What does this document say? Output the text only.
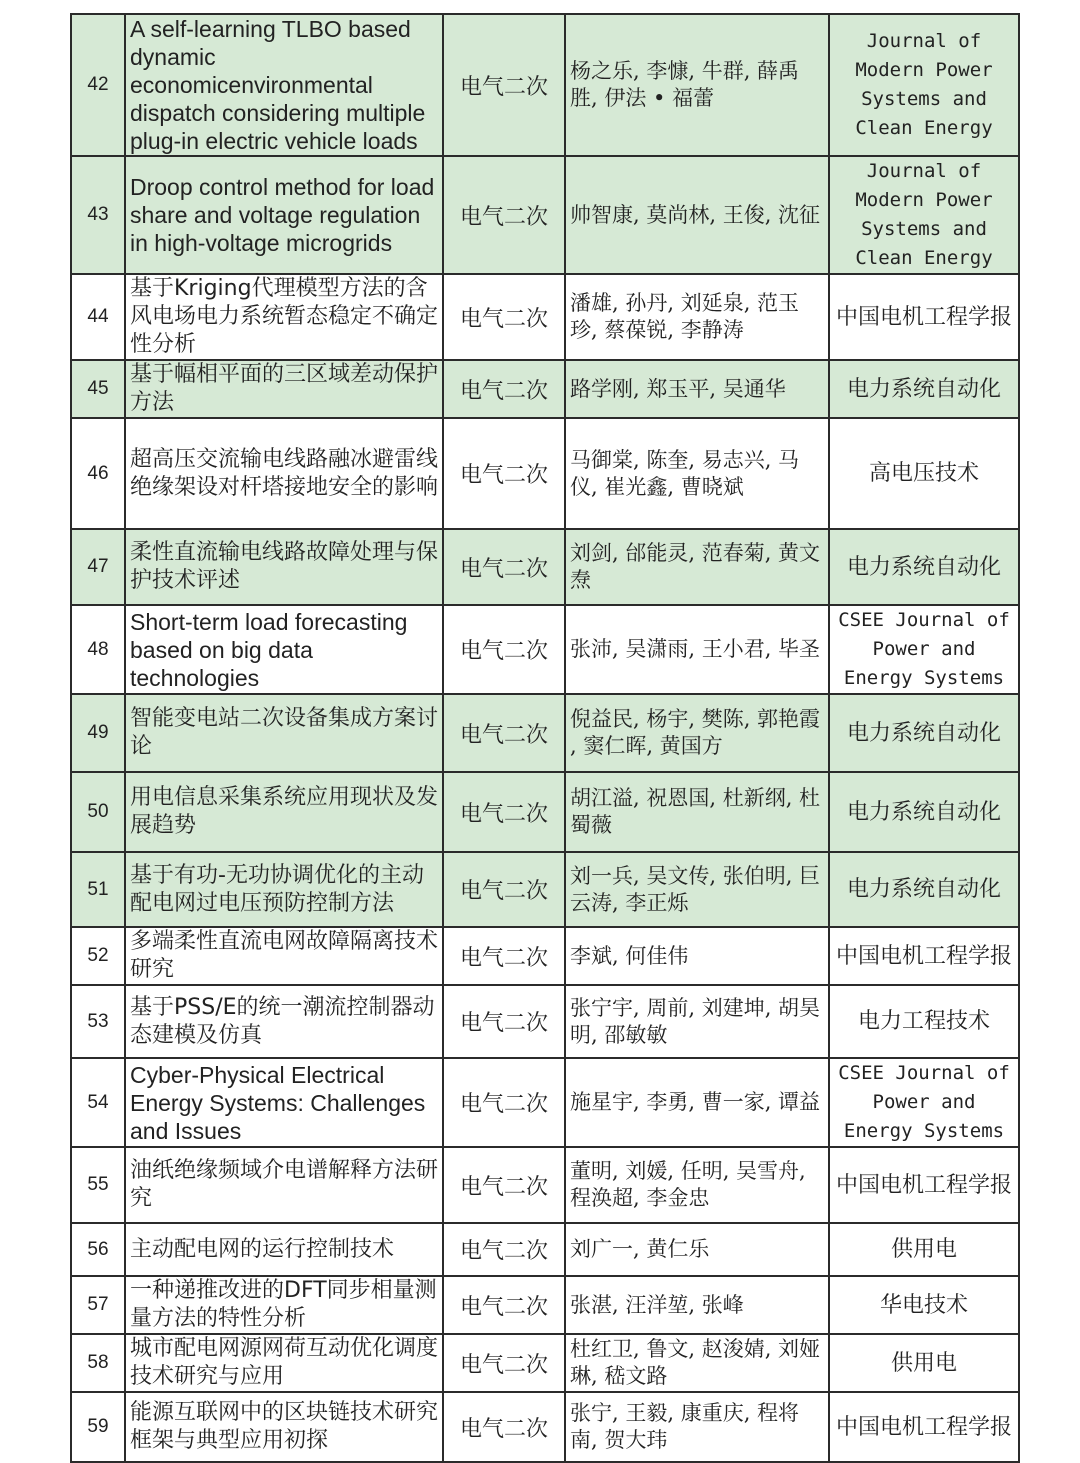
42	A self-learning TLBO based dynamic economicenvironmental dispatch considering multiple plug-in electric vehicle loads	电气二次	杨之乐, 李慷, 牛群, 薛禹胜, 伊法 • 福蕾	Journal of Modern Power Systems and Clean Energy

43	Droop control method for load share and voltage regulation in high-voltage microgrids	电气二次	帅智康, 莫尚林, 王俊, 沈征	Journal of Modern Power Systems and Clean Energy

44	基于Kriging代理模型方法的含风电场电力系统暂态稳定不确定性分析	电气二次	潘雄, 孙丹, 刘延泉, 范玉珍, 蔡葆锐, 李静涛	中国电机工程学报

45	基于幅相平面的三区域差动保护方法	电气二次	路学刚, 郑玉平, 吴通华	电力系统自动化

46	超高压交流输电线路融冰避雷线绝缘架设对杆塔接地安全的影响	电气二次	马御棠, 陈奎, 易志兴, 马仪, 崔光鑫, 曹晓斌	高电压技术

47	柔性直流输电线路故障处理与保护技术评述	电气二次	刘剑, 邰能灵, 范春菊, 黄文焘	电力系统自动化

48	Short-term load forecasting based on big data technologies	电气二次	张沛, 吴潇雨, 王小君, 毕圣	CSEE Journal of Power and Energy Systems

49	智能变电站二次设备集成方案讨论	电气二次	倪益民, 杨宇, 樊陈, 郭艳霞 , 窦仁晖, 黄国方	电力系统自动化

50	用电信息采集系统应用现状及发展趋势	电气二次	胡江溢, 祝恩国, 杜新纲, 杜蜀薇	电力系统自动化

51	基于有功-无功协调优化的主动配电网过电压预防控制方法	电气二次	刘一兵, 吴文传, 张伯明, 巨云涛, 李正烁	电力系统自动化

52	多端柔性直流电网故障隔离技术研究	电气二次	李斌, 何佳伟	中国电机工程学报

53	基于PSS/E的统一潮流控制器动态建模及仿真	电气二次	张宁宇, 周前, 刘建坤, 胡昊明, 邵敏敏	电力工程技术

54	Cyber-Physical Electrical Energy Systems: Challenges and Issues	电气二次	施星宇, 李勇, 曹一家, 谭益	CSEE Journal of Power and Energy Systems

55	油纸绝缘频域介电谱解释方法研究	电气二次	董明, 刘媛, 任明, 吴雪舟, 程涣超, 李金忠	中国电机工程学报

56	主动配电网的运行控制技术	电气二次	刘广一, 黄仁乐	供用电

57	一种递推改进的DFT同步相量测量方法的特性分析	电气二次	张湛, 汪洋堃, 张峰	华电技术

58	城市配电网源网荷互动优化调度技术研究与应用	电气二次	杜红卫, 鲁文, 赵浚婧, 刘娅琳, 嵇文路	供用电

59	能源互联网中的区块链技术研究框架与典型应用初探	电气二次	张宁, 王毅, 康重庆, 程将南, 贺大玮	中国电机工程学报
